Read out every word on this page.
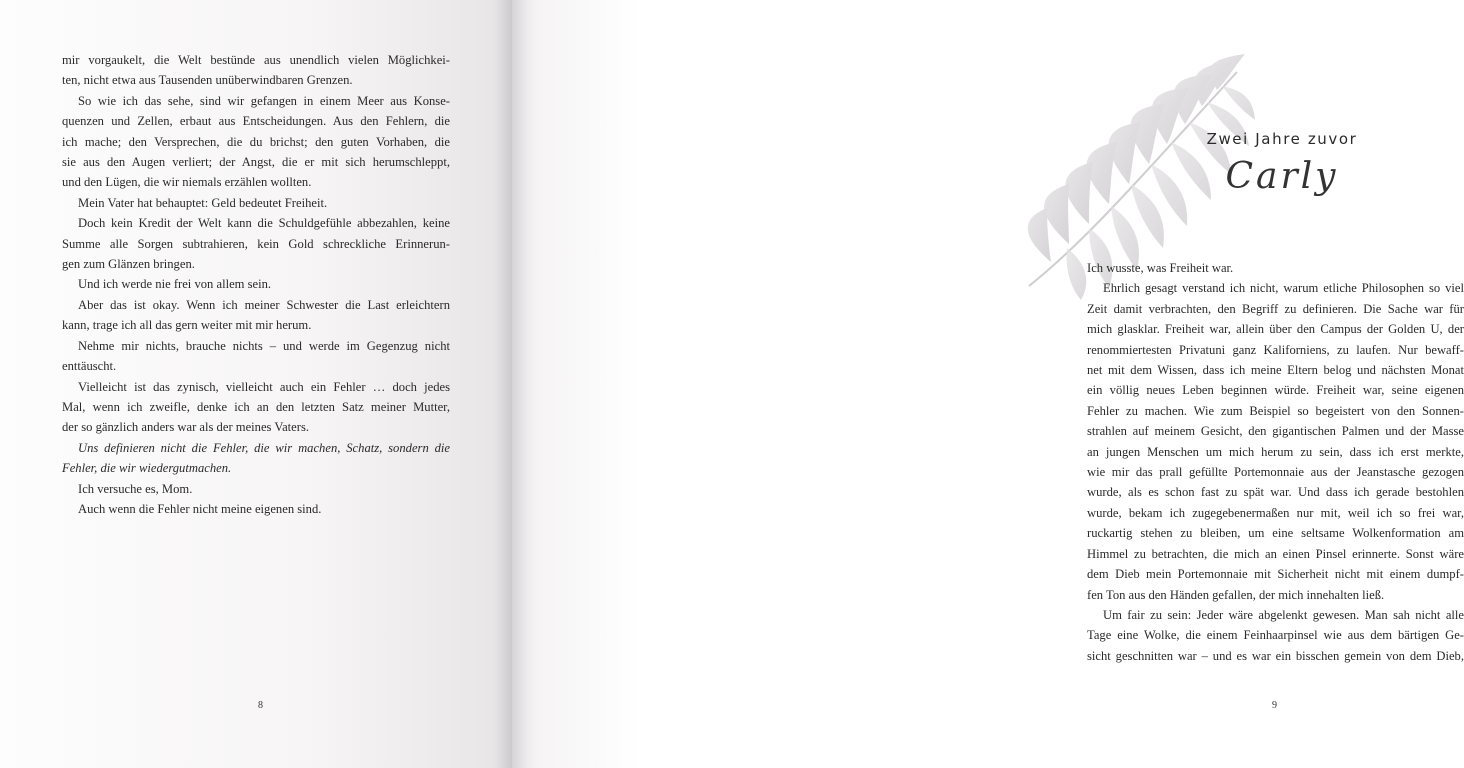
mir vorgaukelt, die Welt bestünde aus unendlich vielen Möglichkei-
ten, nicht etwa aus Tausenden unüberwindbaren Grenzen.
So wie ich das sehe, sind wir gefangen in einem Meer aus Konse-
quenzen und Zellen, erbaut aus Entscheidungen. Aus den Fehlern, die
ich mache; den Versprechen, die du brichst; den guten Vorhaben, die
sie aus den Augen verliert; der Angst, die er mit sich herumschleppt,
und den Lügen, die wir niemals erzählen wollten.
Mein Vater hat behauptet: Geld bedeutet Freiheit.
Doch kein Kredit der Welt kann die Schuldgefühle abbezahlen, keine
Summe alle Sorgen subtrahieren, kein Gold schreckliche Erinnerun-
gen zum Glänzen bringen.
Und ich werde nie frei von allem sein.
Aber das ist okay. Wenn ich meiner Schwester die Last erleichtern
kann, trage ich all das gern weiter mit mir herum.
Nehme mir nichts, brauche nichts – und werde im Gegenzug nicht
enttäuscht.
Vielleicht ist das zynisch, vielleicht auch ein Fehler … doch jedes
Mal, wenn ich zweifle, denke ich an den letzten Satz meiner Mutter,
der so gänzlich anders war als der meines Vaters.
Uns definieren nicht die Fehler, die wir machen, Schatz, sondern die
Fehler, die wir wiedergutmachen.
Ich versuche es, Mom.
Auch wenn die Fehler nicht meine eigenen sind.
8
Zwei Jahre zuvor
Carly
Ich wusste, was Freiheit war.
Ehrlich gesagt verstand ich nicht, warum etliche Philosophen so viel
Zeit damit verbrachten, den Begriff zu definieren. Die Sache war für
mich glasklar. Freiheit war, allein über den Campus der Golden U, der
renommiertesten Privatuni ganz Kaliforniens, zu laufen. Nur bewaff-
net mit dem Wissen, dass ich meine Eltern belog und nächsten Monat
ein völlig neues Leben beginnen würde. Freiheit war, seine eigenen
Fehler zu machen. Wie zum Beispiel so begeistert von den Sonnen-
strahlen auf meinem Gesicht, den gigantischen Palmen und der Masse
an jungen Menschen um mich herum zu sein, dass ich erst merkte,
wie mir das prall gefüllte Portemonnaie aus der Jeanstasche gezogen
wurde, als es schon fast zu spät war. Und dass ich gerade bestohlen
wurde, bekam ich zugegebenermaßen nur mit, weil ich so frei war,
ruckartig stehen zu bleiben, um eine seltsame Wolkenformation am
Himmel zu betrachten, die mich an einen Pinsel erinnerte. Sonst wäre
dem Dieb mein Portemonnaie mit Sicherheit nicht mit einem dumpf-
fen Ton aus den Händen gefallen, der mich innehalten ließ.
Um fair zu sein: Jeder wäre abgelenkt gewesen. Man sah nicht alle
Tage eine Wolke, die einem Feinhaarpinsel wie aus dem bärtigen Ge-
sicht geschnitten war – und es war ein bisschen gemein von dem Dieb,
9
